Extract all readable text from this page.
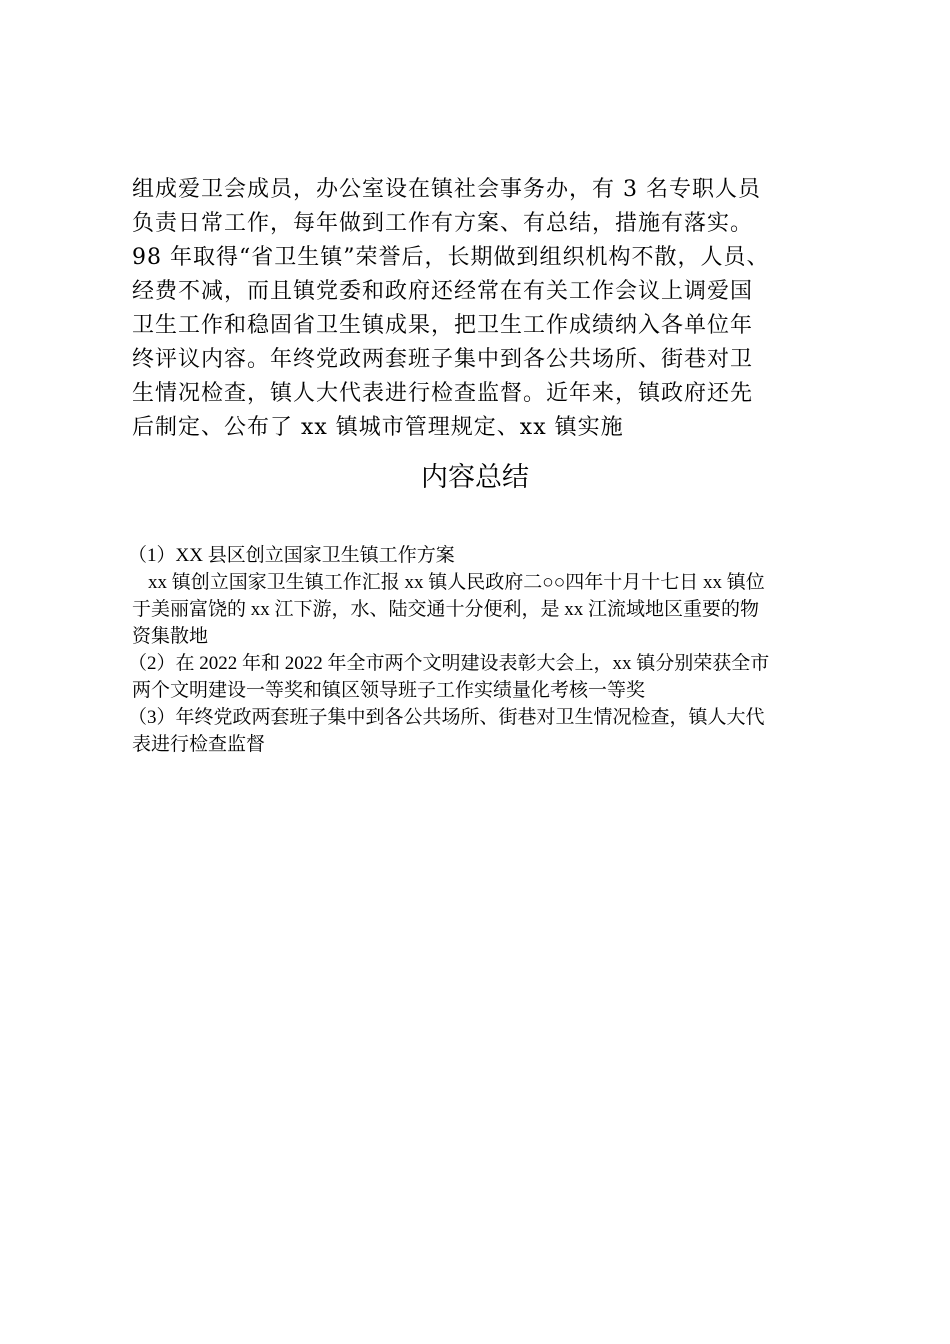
组成爱卫会成员，办公室设在镇社会事务办，有 3 名专职人员
负责日常工作，每年做到工作有方案、有总结，措施有落实。
98 年取得“省卫生镇”荣誉后，长期做到组织机构不散，人员、
经费不减，而且镇党委和政府还经常在有关工作会议上调爱国
卫生工作和稳固省卫生镇成果，把卫生工作成绩纳入各单位年
终评议内容。年终党政两套班子集中到各公共场所、街巷对卫
生情况检查，镇人大代表进行检查监督。近年来，镇政府还先
后制定、公布了 xx 镇城市管理规定、xx 镇实施
内容总结
（1）XX 县区创立国家卫生镇工作方案
xx 镇创立国家卫生镇工作汇报 xx 镇人民政府二○○四年十月十七日 xx 镇位
于美丽富饶的 xx 江下游，水、陆交通十分便利，是 xx 江流域地区重要的物
资集散地
（2）在 2022 年和 2022 年全市两个文明建设表彰大会上，xx 镇分别荣获全市
两个文明建设一等奖和镇区领导班子工作实绩量化考核一等奖
（3）年终党政两套班子集中到各公共场所、街巷对卫生情况检查，镇人大代
表进行检查监督
